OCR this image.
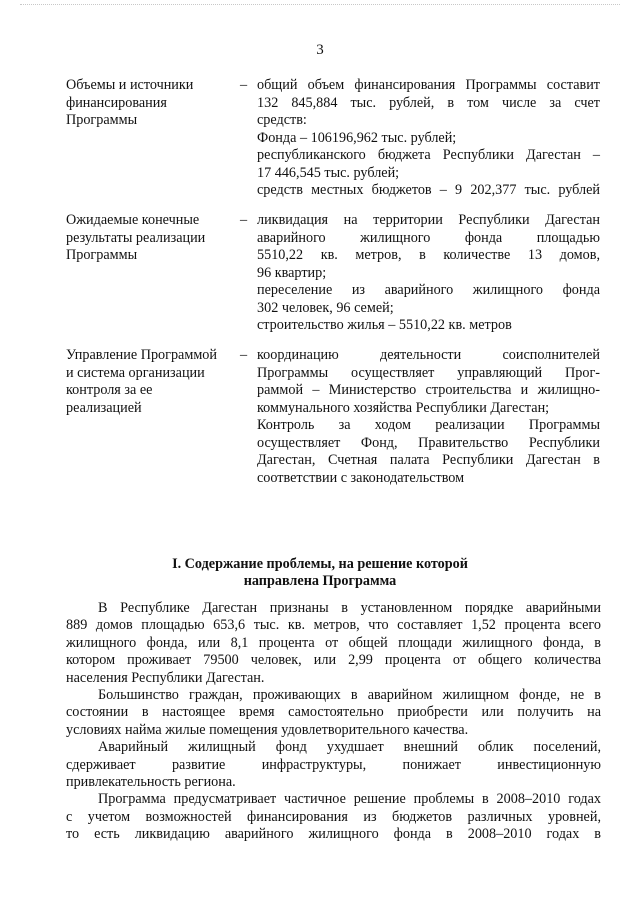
3
Объемы и источники
финансирования
Программы
– общий объем финансирования Программы составит
132 845,884 тыс. рублей, в том числе за счет
средств:
Фонда – 106196,962 тыс. рублей;
республиканского бюджета Республики Дагестан –
17 446,545 тыс. рублей;
средств местных бюджетов – 9 202,377 тыс. рублей
Ожидаемые конечные
результаты реализации
Программы
– ликвидация на территории Республики Дагестан
аварийного жилищного фонда площадью
5510,22 кв. метров, в количестве 13 домов,
96 квартир;
переселение из аварийного жилищного фонда
302 человек, 96 семей;
строительство жилья – 5510,22 кв. метров
Управление Программой
и система организации
контроля за ее
реализацией
– координацию деятельности соисполнителей
Программы осуществляет управляющий Прог-
раммой – Министерство строительства и жилищно-
коммунального хозяйства Республики Дагестан;
Контроль за ходом реализации Программы
осуществляет Фонд, Правительство Республики
Дагестан, Счетная палата Республики Дагестан в
соответствии с законодательством
I. Содержание проблемы, на решение которой
направлена Программа
В Республике Дагестан признаны в установленном порядке аварийными
889 домов площадью 653,6 тыс. кв. метров, что составляет 1,52 процента всего
жилищного фонда, или 8,1 процента от общей площади жилищного фонда, в
котором проживает 79500 человек, или 2,99 процента от общего количества
населения Республики Дагестан.
Большинство граждан, проживающих в аварийном жилищном фонде, не в
состоянии в настоящее время самостоятельно приобрести или получить на
условиях найма жилые помещения удовлетворительного качества.
Аварийный жилищный фонд ухудшает внешний облик поселений,
сдерживает развитие инфраструктуры, понижает инвестиционную
привлекательность региона.
Программа предусматривает частичное решение проблемы в 2008–2010 годах
с учетом возможностей финансирования из бюджетов различных уровней,
то есть ликвидацию аварийного жилищного фонда в 2008–2010 годах в
